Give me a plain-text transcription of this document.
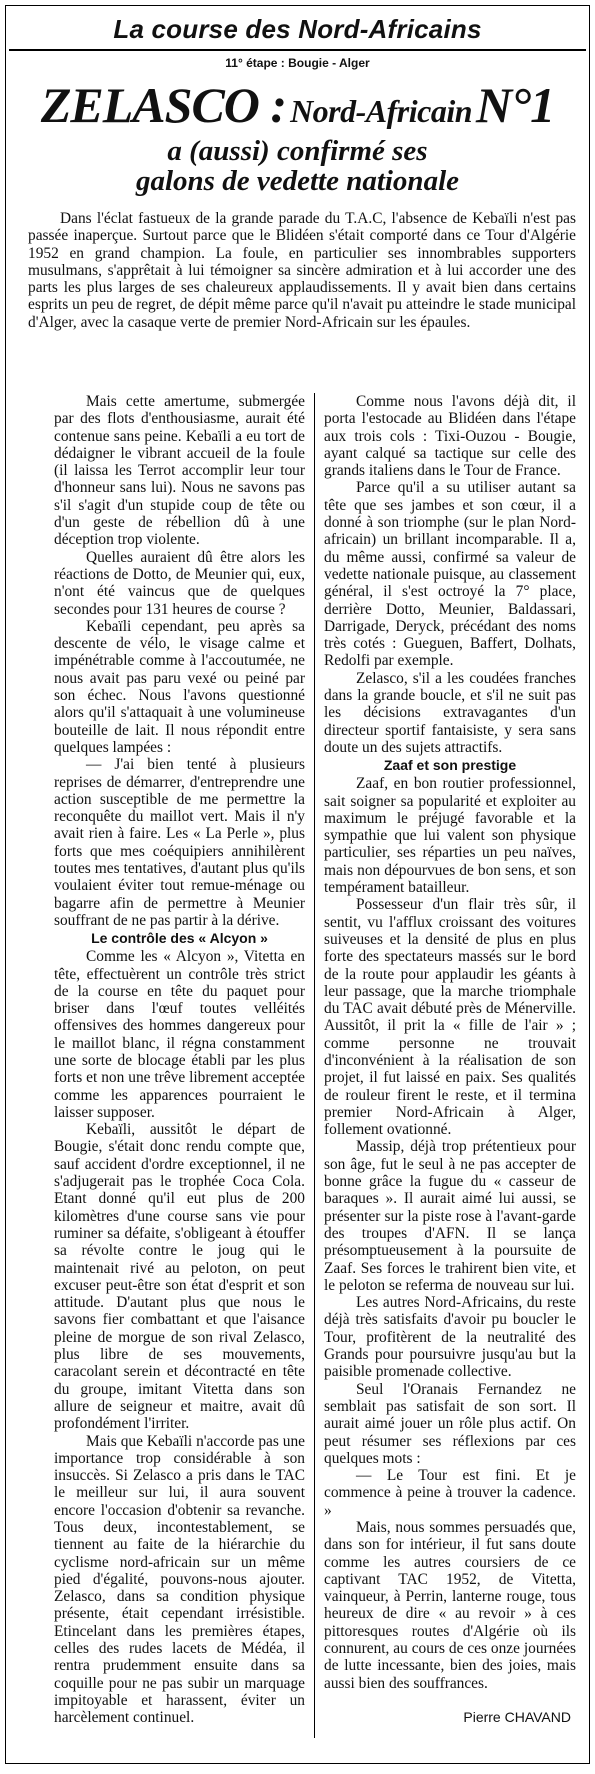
La course des Nord-Africains
11° étape : Bougie - Alger
ZELASCO : Nord-Africain N°1
a (aussi) confirmé ses
galons de vedette nationale

Dans l'éclat fastueux de la grande parade du T.A.C, l'absence de Kebaïli n'est pas passée inaperçue. Surtout parce que le Blidéen s'était comporté dans ce Tour d'Algérie 1952 en grand champion. La foule, en particulier ses innombrables supporters musulmans, s'apprêtait à lui témoigner sa sincère admiration et à lui accorder une des parts les plus larges de ses chaleureux applaudissements. Il y avait bien dans certains esprits un peu de regret, de dépit même parce qu'il n'avait pu atteindre le stade municipal d'Alger, avec la casaque verte de premier Nord-Africain sur les épaules.

Mais cette amertume, submergée par des flots d'enthousiasme, aurait été contenue sans peine. Kebaïli a eu tort de dédaigner le vibrant accueil de la foule (il laissa les Terrot accomplir leur tour d'honneur sans lui). Nous ne savons pas s'il s'agit d'un stupide coup de tête ou d'un geste de rébellion dû à une déception trop violente.

Quelles auraient dû être alors les réactions de Dotto, de Meunier qui, eux, n'ont été vaincus que de quelques secondes pour 131 heures de course ?

Kebaïli cependant, peu après sa descente de vélo, le visage calme et impénétrable comme à l'accoutumée, ne nous avait pas paru vexé ou peiné par son échec. Nous l'avons questionné alors qu'il s'attaquait à une volumineuse bouteille de lait. Il nous répondit entre quelques lampées :

— J'ai bien tenté à plusieurs reprises de démarrer, d'entreprendre une action susceptible de me permettre la reconquête du maillot vert. Mais il n'y avait rien à faire. Les « La Perle », plus forts que mes coéquipiers annihilèrent toutes mes tentatives, d'autant plus qu'ils voulaient éviter tout remue-ménage ou bagarre afin de permettre à Meunier souffrant de ne pas partir à la dérive.

Le contrôle des « Alcyon »

Comme les « Alcyon », Vitetta en tête, effectuèrent un contrôle très strict de la course en tête du paquet pour briser dans l'œuf toutes velléités offensives des hommes dangereux pour le maillot blanc, il régna constamment une sorte de blocage établi par les plus forts et non une trêve librement acceptée comme les apparences pourraient le laisser supposer.

Kebaïli, aussitôt le départ de Bougie, s'était donc rendu compte que, sauf accident d'ordre exceptionnel, il ne s'adjugerait pas le trophée Coca Cola. Etant donné qu'il eut plus de 200 kilomètres d'une course sans vie pour ruminer sa défaite, s'obligeant à étouffer sa révolte contre le joug qui le maintenait rivé au peloton, on peut excuser peut-être son état d'esprit et son attitude. D'autant plus que nous le savons fier combattant et que l'aisance pleine de morgue de son rival Zelasco, plus libre de ses mouvements, caracolant serein et décontracté en tête du groupe, imitant Vitetta dans son allure de seigneur et maitre, avait dû profondément l'irriter.

Mais que Kebaïli n'accorde pas une importance trop considérable à son insuccès. Si Zelasco a pris dans le TAC le meilleur sur lui, il aura souvent encore l'occasion d'obtenir sa revanche. Tous deux, incontestablement, se tiennent au faite de la hiérarchie du cyclisme nord-africain sur un même pied d'égalité, pouvons-nous ajouter. Zelasco, dans sa condition physique présente, était cependant irrésistible. Etincelant dans les premières étapes, celles des rudes lacets de Médéa, il rentra prudemment ensuite dans sa coquille pour ne pas subir un marquage impitoyable et harassent, éviter un harcèlement continuel.

Comme nous l'avons déjà dit, il porta l'estocade au Blidéen dans l'étape aux trois cols : Tixi-Ouzou - Bougie, ayant calqué sa tactique sur celle des grands italiens dans le Tour de France.

Parce qu'il a su utiliser autant sa tête que ses jambes et son cœur, il a donné à son triomphe (sur le plan Nord-africain) un brillant incomparable. Il a, du même aussi, confirmé sa valeur de vedette nationale puisque, au classement général, il s'est octroyé la 7° place, derrière Dotto, Meunier, Baldassari, Darrigade, Deryck, précédant des noms très cotés : Gueguen, Baffert, Dolhats, Redolfi par exemple.

Zelasco, s'il a les coudées franches dans la grande boucle, et s'il ne suit pas les décisions extravagantes d'un directeur sportif fantaisiste, y sera sans doute un des sujets attractifs.

Zaaf et son prestige

Zaaf, en bon routier professionnel, sait soigner sa popularité et exploiter au maximum le préjugé favorable et la sympathie que lui valent son physique particulier, ses réparties un peu naïves, mais non dépourvues de bon sens, et son tempérament batailleur.

Possesseur d'un flair très sûr, il sentit, vu l'afflux croissant des voitures suiveuses et la densité de plus en plus forte des spectateurs massés sur le bord de la route pour applaudir les géants à leur passage, que la marche triomphale du TAC avait débuté près de Ménerville. Aussitôt, il prit la « fille de l'air » ; comme personne ne trouvait d'inconvénient à la réalisation de son projet, il fut laissé en paix. Ses qualités de rouleur firent le reste, et il termina premier Nord-Africain à Alger, follement ovationné.

Massip, déjà trop prétentieux pour son âge, fut le seul à ne pas accepter de bonne grâce la fugue du « casseur de baraques ». Il aurait aimé lui aussi, se présenter sur la piste rose à l'avant-garde des troupes d'AFN. Il se lança présomptueusement à la poursuite de Zaaf. Ses forces le trahirent bien vite, et le peloton se referma de nouveau sur lui.

Les autres Nord-Africains, du reste déjà très satisfaits d'avoir pu boucler le Tour, profitèrent de la neutralité des Grands pour poursuivre jusqu'au but la paisible promenade collective.

Seul l'Oranais Fernandez ne semblait pas satisfait de son sort. Il aurait aimé jouer un rôle plus actif. On peut résumer ses réflexions par ces quelques mots :

— Le Tour est fini. Et je commence à peine à trouver la cadence. »

Mais, nous sommes persuadés que, dans son for intérieur, il fut sans doute comme les autres coursiers de ce captivant TAC 1952, de Vitetta, vainqueur, à Perrin, lanterne rouge, tous heureux de dire « au revoir » à ces pittoresques routes d'Algérie où ils connurent, au cours de ces onze journées de lutte incessante, bien des joies, mais aussi bien des souffrances.

Pierre CHAVAND
